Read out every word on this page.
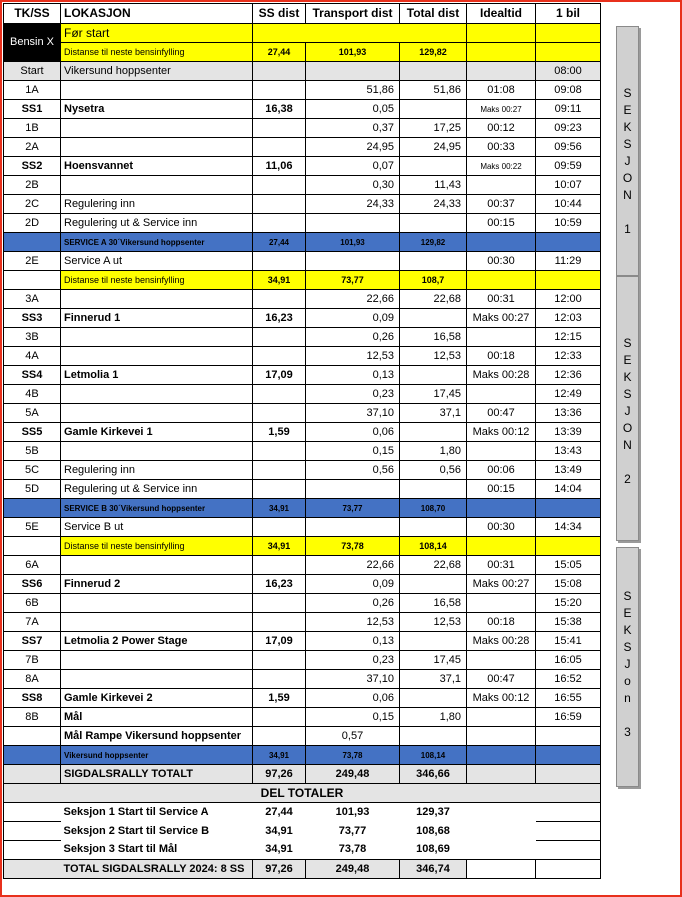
TK/SS	LOKASJON	SS dist	Transport dist	Total dist	Idealtid	1 bil
Bensin X	Før start					
	Distanse til neste bensinfylling	27,44	101,93	129,82		
Start	Vikersund hoppsenter					08:00
1A			51,86	51,86	01:08	09:08
SS1	Nysetra	16,38	0,05		Maks 00:27	09:11
1B			0,37	17,25	00:12	09:23
2A			24,95	24,95	00:33	09:56
SS2	Hoensvannet	11,06	0,07		Maks 00:22	09:59
2B			0,30	11,43		10:07
2C	Regulering inn		24,33	24,33	00:37	10:44
2D	Regulering ut & Service inn				00:15	10:59
	SERVICE A 30´Vikersund hoppsenter	27,44	101,93	129,82		
2E	Service A ut				00:30	11:29
	Distanse til neste bensinfylling	34,91	73,77	108,7		
3A			22,66	22,68	00:31	12:00
SS3	Finnerud 1	16,23	0,09		Maks 00:27	12:03
3B			0,26	16,58		12:15
4A			12,53	12,53	00:18	12:33
SS4	Letmolia 1	17,09	0,13		Maks 00:28	12:36
4B			0,23	17,45		12:49
5A			37,10	37,1	00:47	13:36
SS5	Gamle Kirkevei 1	1,59	0,06		Maks 00:12	13:39
5B			0,15	1,80		13:43
5C	Regulering inn		0,56	0,56	00:06	13:49
5D	Regulering ut & Service inn				00:15	14:04
	SERVICE B 30´Vikersund hoppsenter	34,91	73,77	108,70		
5E	Service B ut				00:30	14:34
	Distanse til neste bensinfylling	34,91	73,78	108,14		
6A			22,66	22,68	00:31	15:05
SS6	Finnerud 2	16,23	0,09		Maks 00:27	15:08
6B			0,26	16,58		15:20
7A			12,53	12,53	00:18	15:38
SS7	Letmolia 2 Power Stage	17,09	0,13		Maks 00:28	15:41
7B			0,23	17,45		16:05
8A			37,10	37,1	00:47	16:52
SS8	Gamle Kirkevei 2	1,59	0,06		Maks 00:12	16:55
8B	Mål		0,15	1,80		16:59
	Mål Rampe Vikersund hoppsenter		0,57			
	Vikersund hoppsenter	34,91	73,78	108,14		
	SIGDALSRALLY TOTALT	97,26	249,48	346,66		
DEL TOTALER						
	Seksjon 1 Start til Service A	27,44	101,93	129,37		
	Seksjon 2 Start til Service B	34,91	73,77	108,68		
	Seksjon 3 Start til Mål	34,91	73,78	108,69		
	TOTAL SIGDALSRALLY 2024: 8 SS	97,26	249,48	346,74		
S
E
K
S
J
O
N
1
S
E
K
S
J
O
N
2
S
E
K
S
J
o
n
3
